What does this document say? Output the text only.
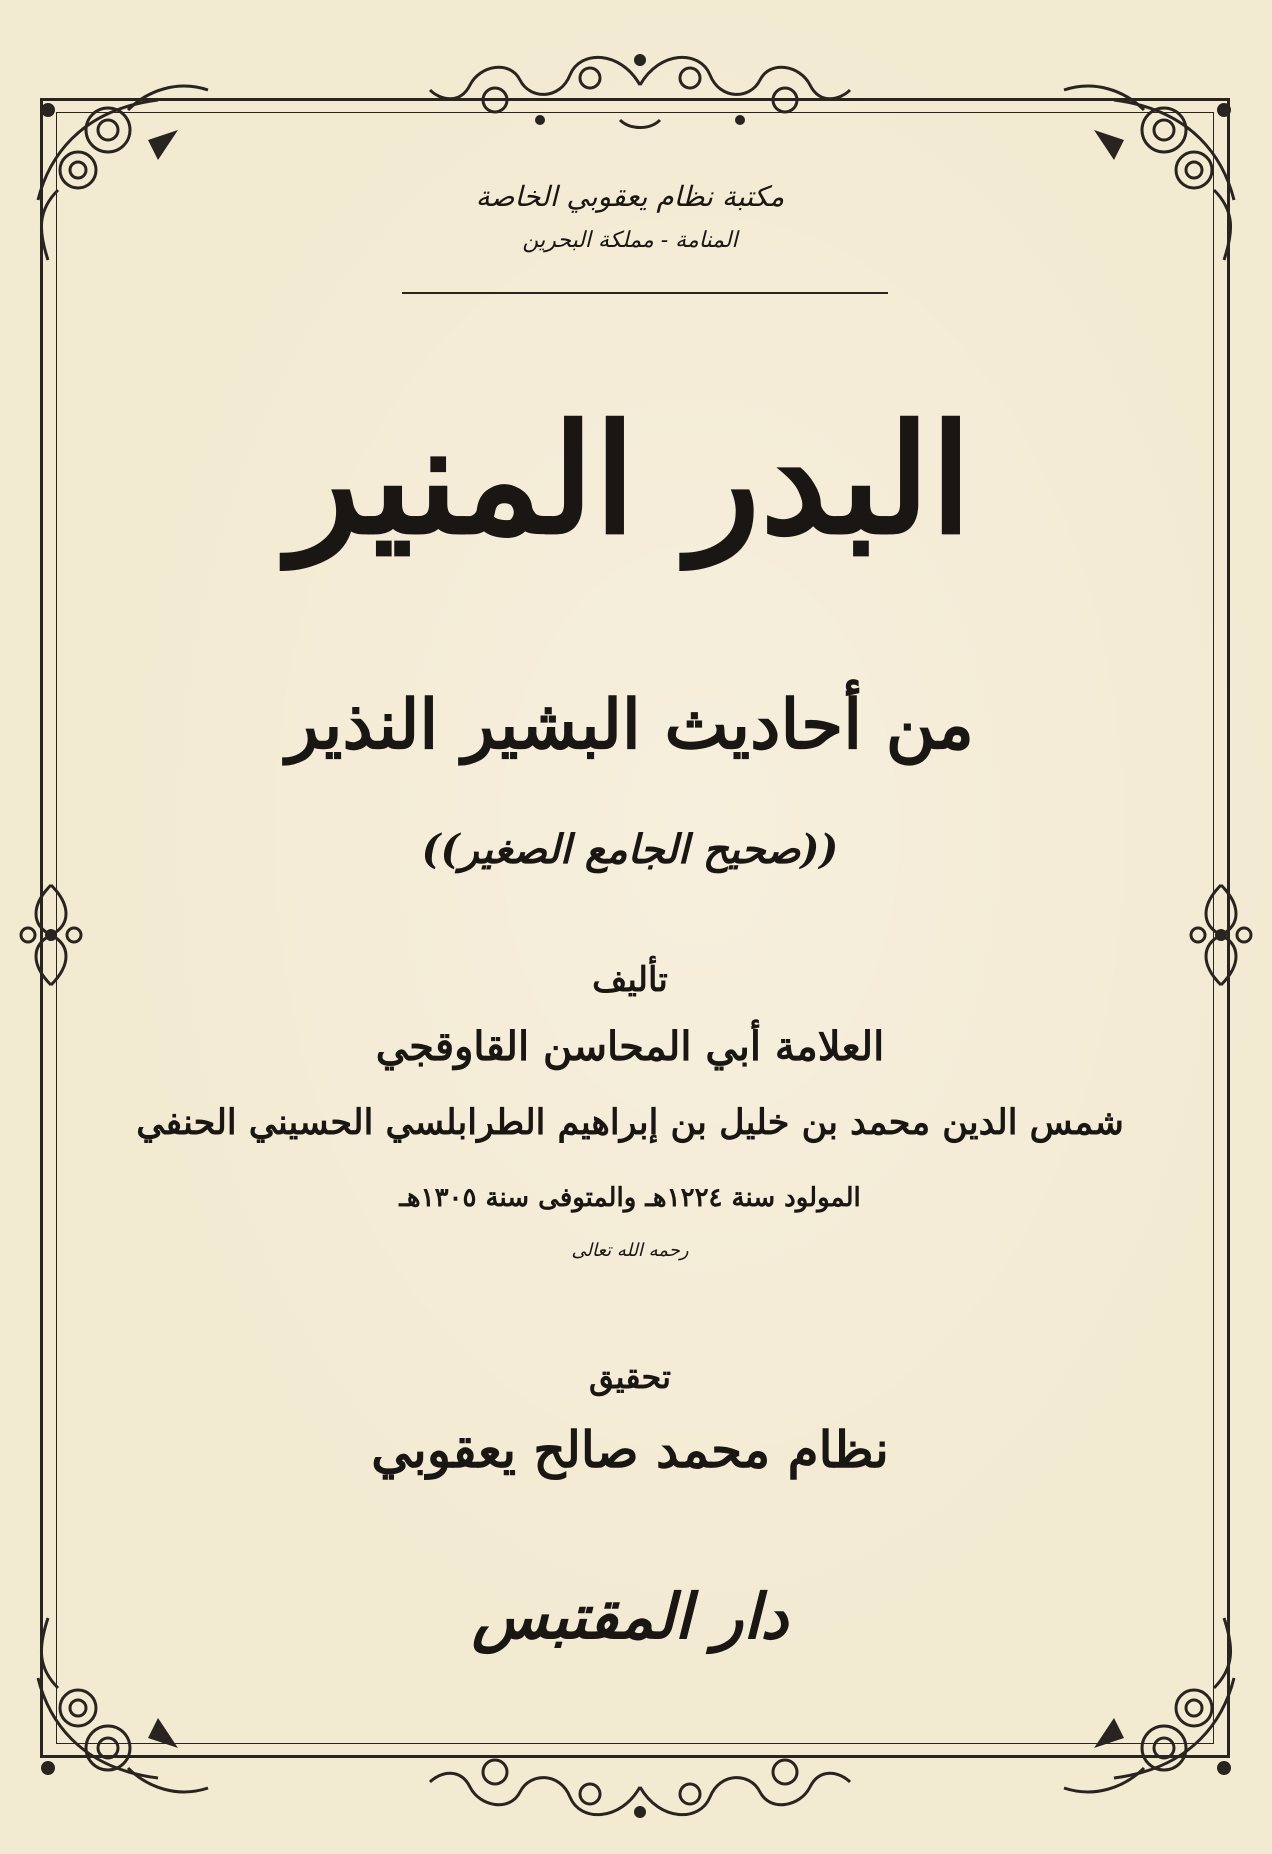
مكتبة نظام يعقوبي الخاصة
المنامة - مملكة البحرين
البدر المنير
من أحاديث البشير النذير
((صحيح الجامع الصغير))
تأليف
العلامة أبي المحاسن القاوقجي
شمس الدين محمد بن خليل بن إبراهيم الطرابلسي الحسيني الحنفي
المولود سنة ١٢٢٤هـ والمتوفى سنة ١٣٠٥هـ
رحمه الله تعالى
تحقيق
نظام محمد صالح يعقوبي
دار المقتبس
